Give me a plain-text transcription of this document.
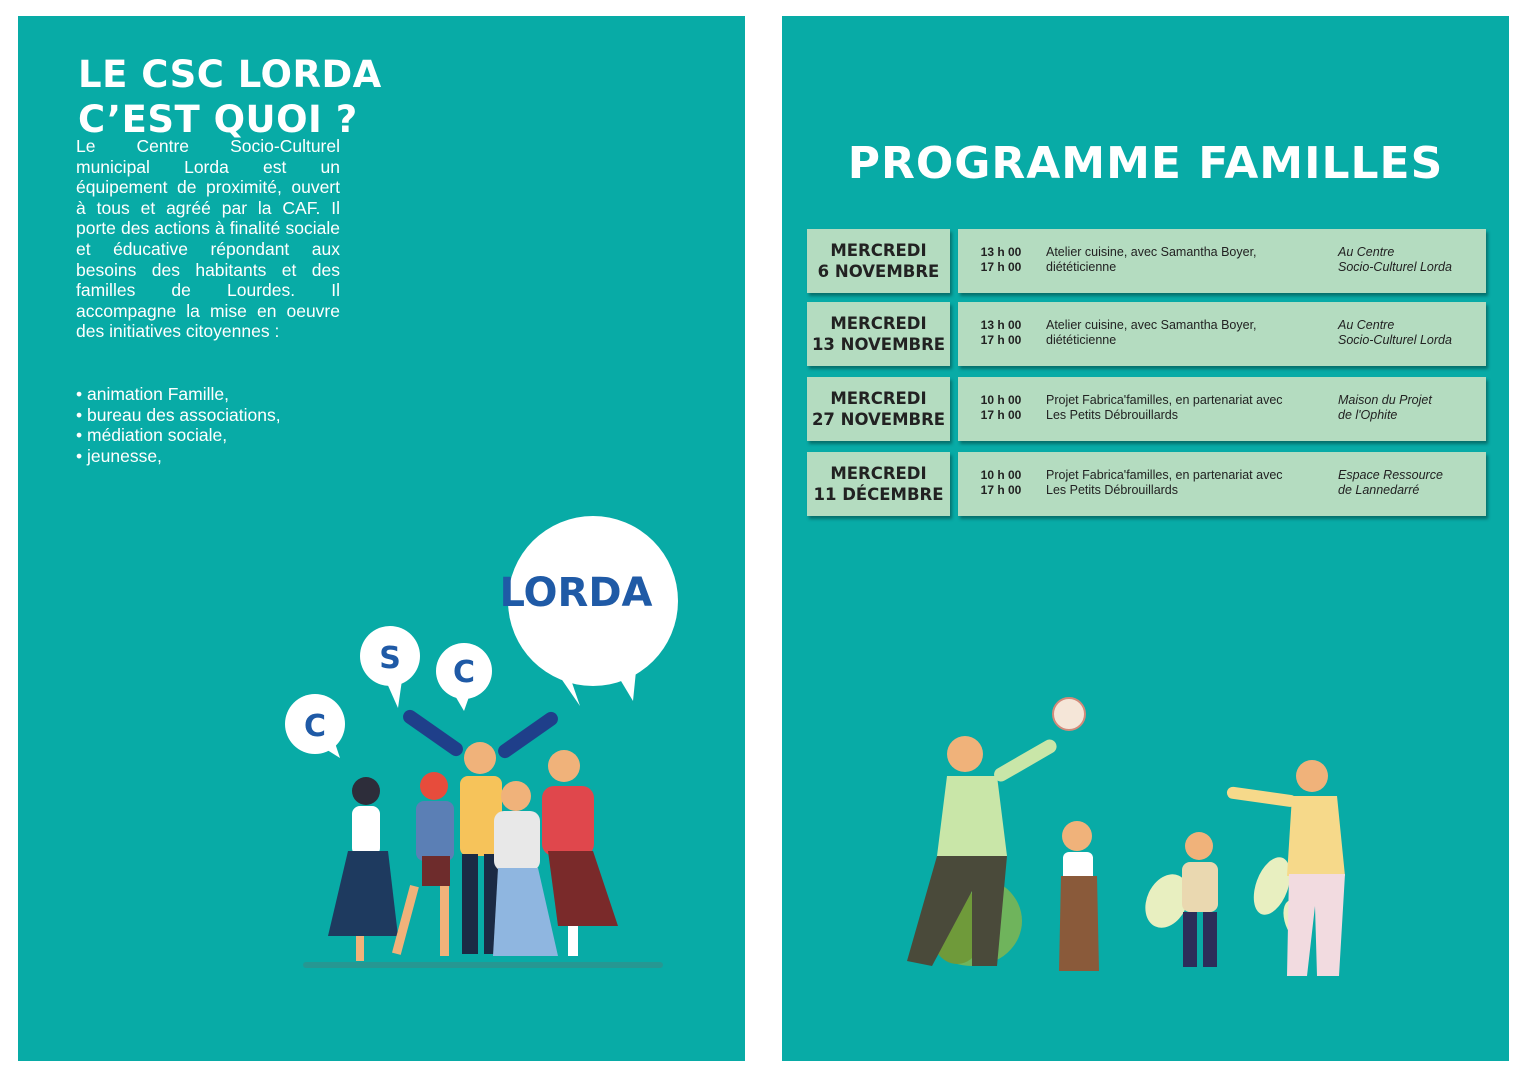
LE CSC LORDA
C’EST QUOI ?
Le Centre Socio-Culturel municipal Lorda est un équipement de proximité, ouvert à tous et agréé par la CAF. Il porte des actions à finalité sociale et éducative répondant aux besoins des habitants et des familles de Lourdes. Il accompagne la mise en oeuvre des initiatives citoyennes :
• animation Famille,
• bureau des associations,
• médiation sociale,
• jeunesse,
LORDA
C
S
C
PROGRAMME FAMILLES
MERCREDI
6 NOVEMBRE
13 h 00
17 h 00
Atelier cuisine, avec Samantha Boyer,
diététicienne
Au Centre
Socio-Culturel Lorda
MERCREDI
13 NOVEMBRE
13 h 00
17 h 00
Atelier cuisine, avec Samantha Boyer,
diététicienne
Au Centre
Socio-Culturel Lorda
MERCREDI
27 NOVEMBRE
10 h 00
17 h 00
Projet Fabrica'familles, en partenariat avec
Les Petits Débrouillards
Maison du Projet
de l'Ophite
MERCREDI
11 DÉCEMBRE
10 h 00
17 h 00
Projet Fabrica'familles, en partenariat avec
Les Petits Débrouillards
Espace Ressource
de Lannedarré
